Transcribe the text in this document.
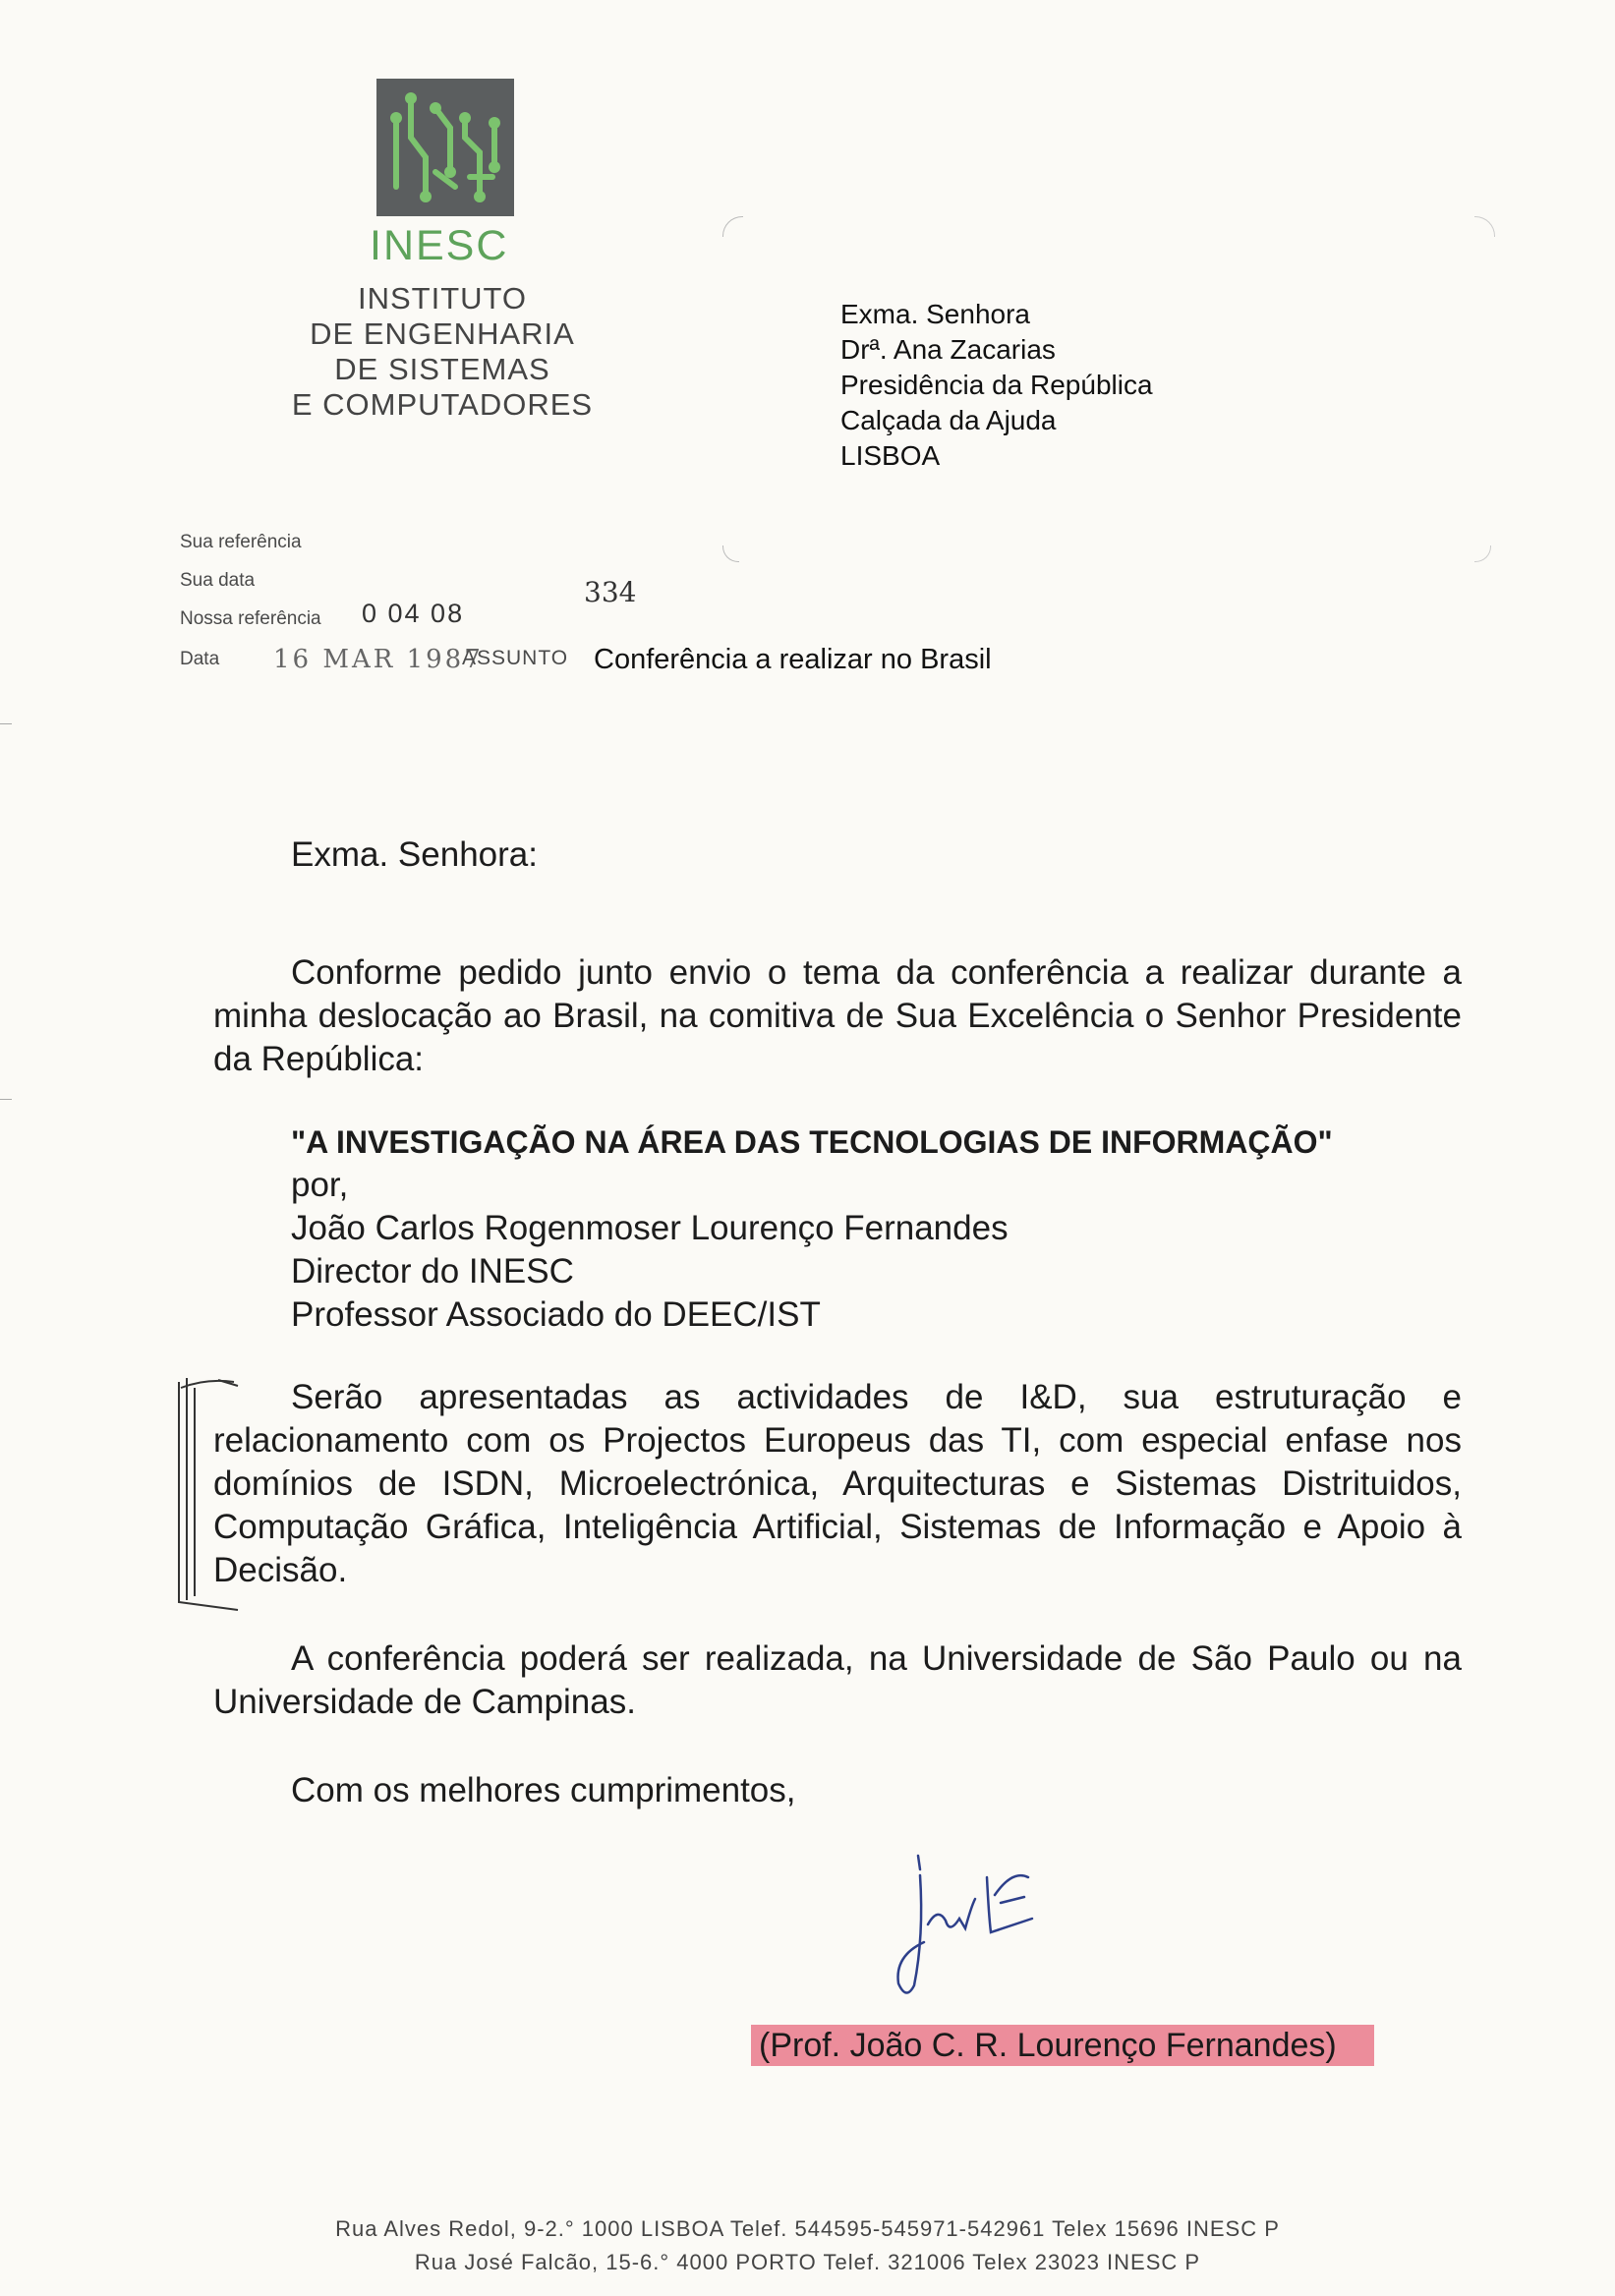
INESC
INSTITUTO
DE ENGENHARIA
DE SISTEMAS
E COMPUTADORES
Exma. Senhora
Drª. Ana Zacarias
Presidência da República
Calçada da Ajuda
LISBOA
Sua referência
Sua data
Nossa referência 0 04 08
334
Data 16 MAR 1987
ASSUNTO Conferência a realizar no Brasil
Exma. Senhora:

Conforme pedido junto envio o tema da conferência a realizar durante a minha deslocação ao Brasil, na comitiva de Sua Excelência o Senhor Presidente da República:

"A INVESTIGAÇÃO NA ÁREA DAS TECNOLOGIAS DE INFORMAÇÃO"
por,
João Carlos Rogenmoser Lourenço Fernandes
Director do INESC
Professor Associado do DEEC/IST

Serão apresentadas as actividades de I&D, sua estruturação e relacionamento com os Projectos Europeus das TI, com especial enfase nos domínios de ISDN, Microelectrónica, Arquitecturas e Sistemas Distrituidos, Computação Gráfica, Inteligência Artificial, Sistemas de Informação e Apoio à Decisão.

A conferência poderá ser realizada, na Universidade de São Paulo ou na Universidade de Campinas.

Com os melhores cumprimentos,
(Prof. João C. R. Lourenço Fernandes)
Rua Alves Redol, 9-2.° 1000 LISBOA Telef. 544595-545971-542961 Telex 15696 INESC P
Rua José Falcão, 15-6.° 4000 PORTO Telef. 321006 Telex 23023 INESC P
